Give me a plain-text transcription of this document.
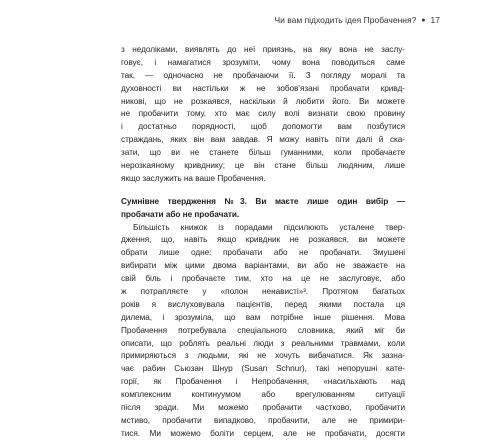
Чи вам підходить ідея Пробачення? ● 17
з недоліками, виявлять до неї приязнь, на яку вона не заслу-
говує, і намагатися зрозуміти, чому вона поводиться саме
так, — одночасно не пробачаючи її. З погляду моралі та
духовності ви настільки ж не зобов'язані пробачати кривд-
никові, що не розкаявся, наскільки й любити його. Ви можете
не пробачити тому, хто має силу волі визнати свою провину
і достатньо порядності, щоб допомогти вам позбутися
страждань, яких він вам завдав. Я можу навіть піти далі й ска-
зати, що ви не станете більш гуманними, коли пробачаєте
нерозкаяному кривднику; це він стане більш людяним, лише
якщо заслужить на ваше Пробачення.
Сумнівне твердження №3. Ви маєте лише один вибір —
пробачати або не пробачати.
Більшість книжок із порадами підсилюють усталене твер-
дження, що, навіть якщо кривдник не розкаявся, ви можете
обрати лише одне: пробачати або не пробачати. Змушені
вибирати між цими двома варіантами, ви або не зважаєте на
свій біль і пробачаєте тим, хто на це не заслуговує, або
ж потрапляєте у «полон ненависті»³. Протягом багатьох
років я вислуховувала пацієнтів, перед якими постала ця
дилема, і зрозуміла, що вам потрібне інше рішення. Мова
Пробачення потребувала спеціального словника, який міг би
описати, що роблять реальні люди з реальними травмами, коли
примиряються з людьми, які не хочуть вибачатися. Як зазна-
чає рабин Сьюзан Шнур (Susan Schnur), такі непорушні кате-
горії, як Пробачення і Непробачення, «насильхають над
комплексним континуумом або врегулюванням ситуації
після зради. Ми можемо пробачити частково, пробачити
мстиво, пробачити випадково, пробачити, але не примири-
тися. Ми можемо боліти серцем, але не пробачати, досягти
